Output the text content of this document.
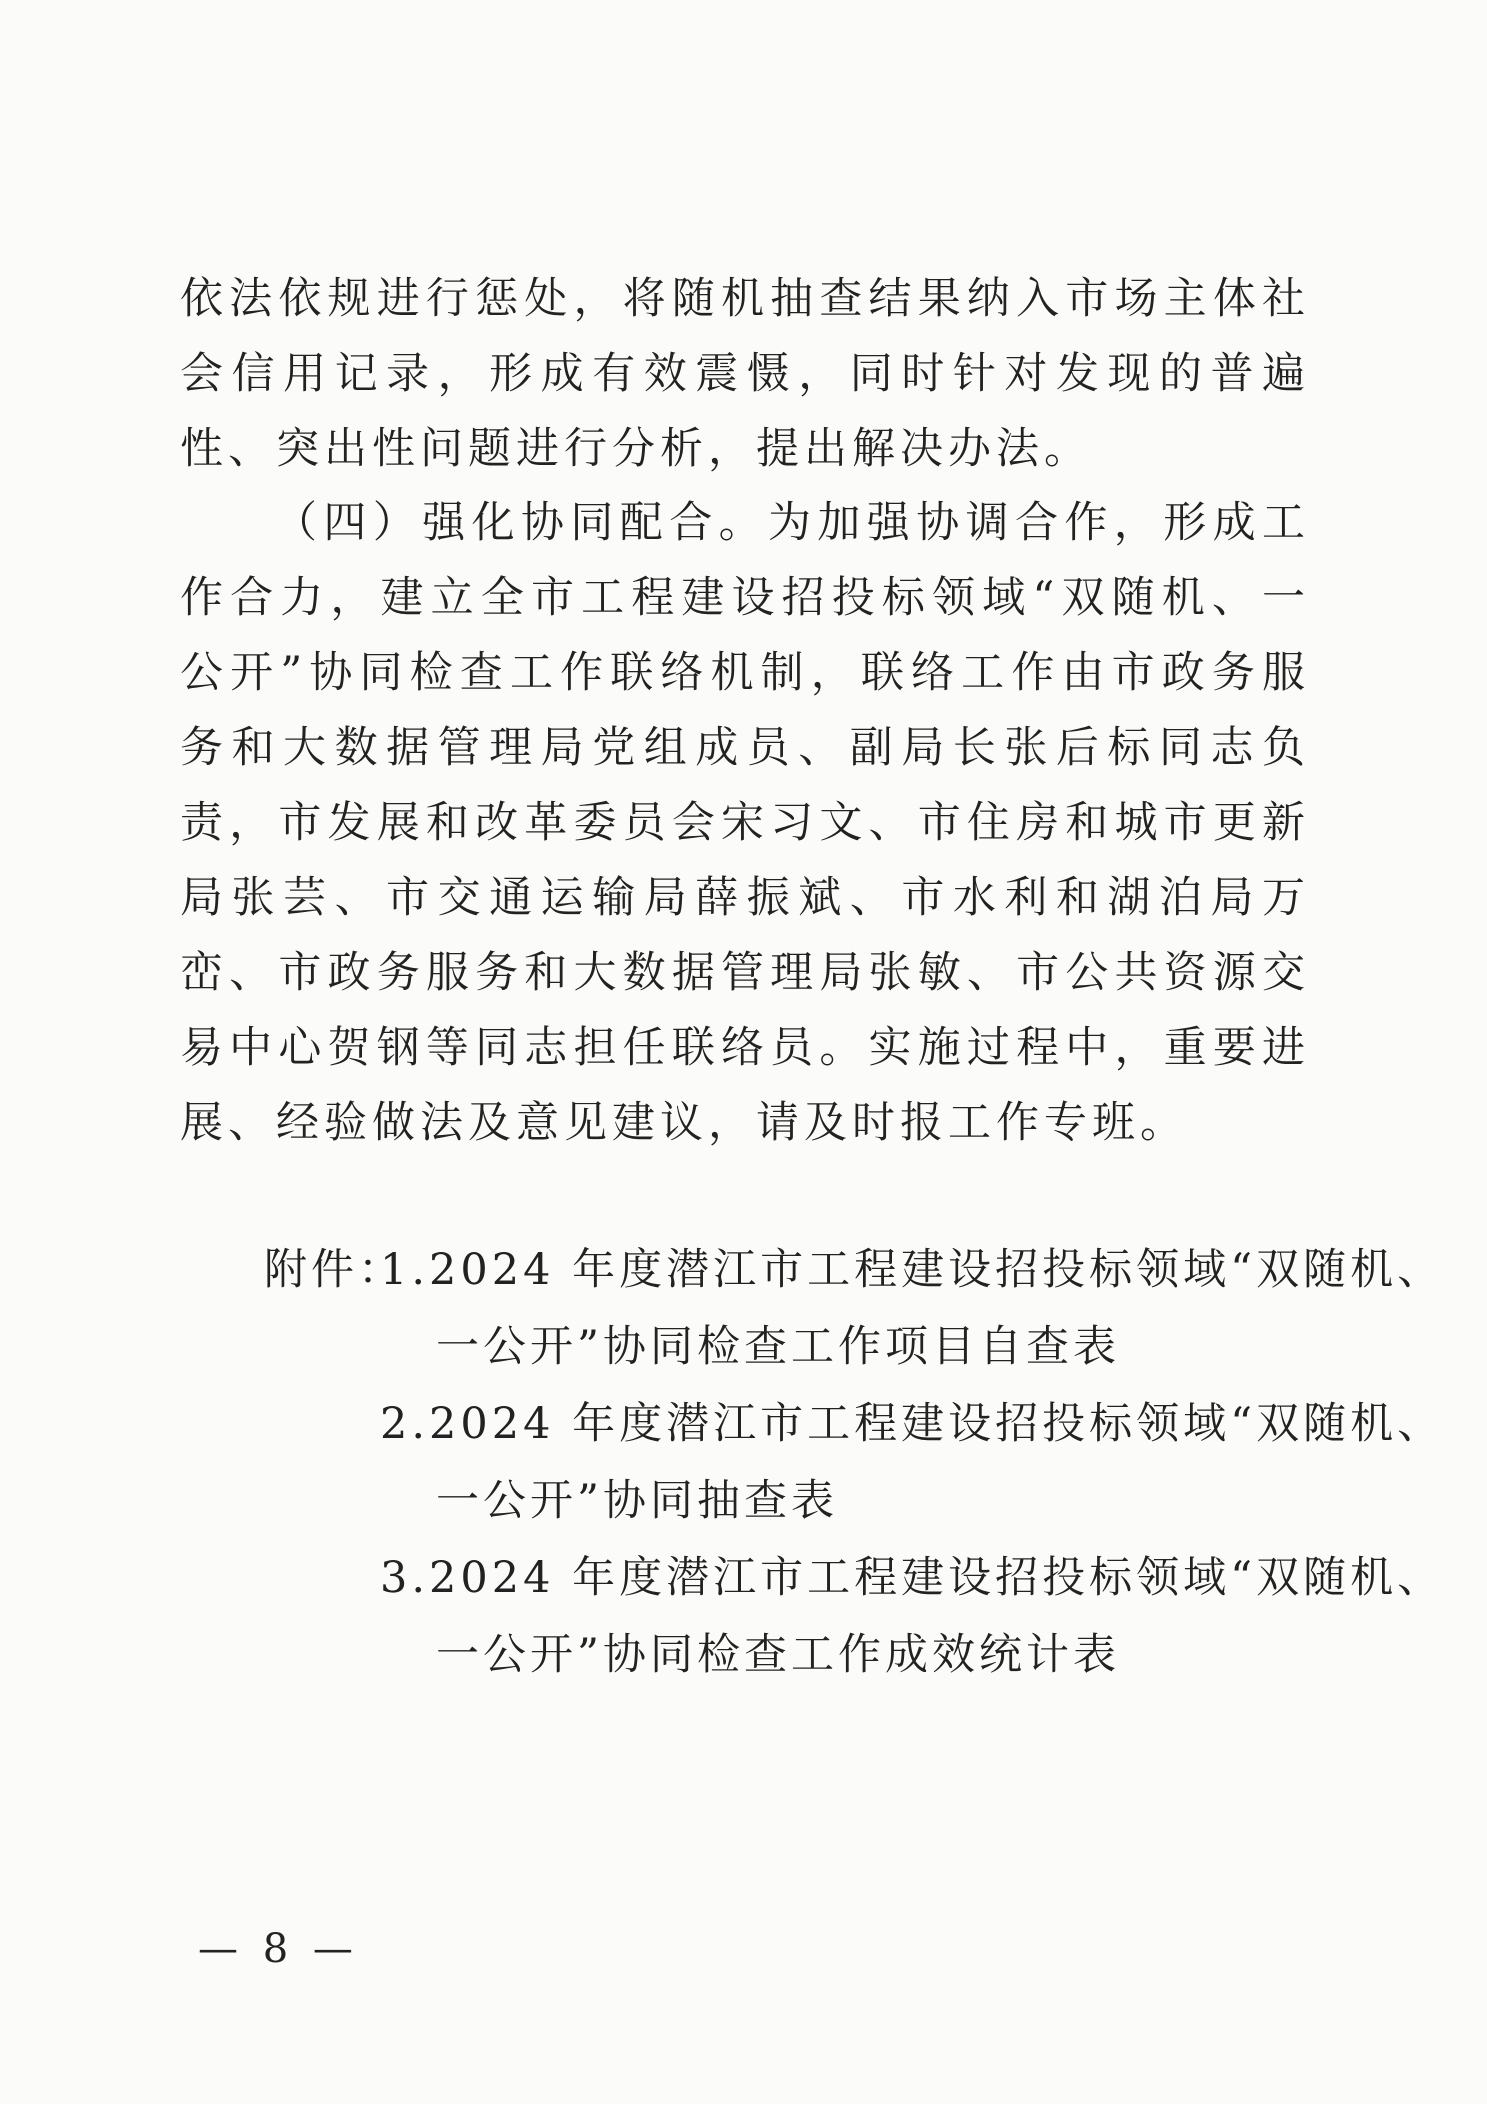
依法依规进行惩处，将随机抽查结果纳入市场主体社会信用记录，形成有效震慑，同时针对发现的普遍性、突出性问题进行分析，提出解决办法。

（四）强化协同配合。为加强协调合作，形成工作合力，建立全市工程建设招投标领域“双随机、一公开”协同检查工作联络机制，联络工作由市政务服务和大数据管理局党组成员、副局长张后标同志负责，市发展和改革委员会宋习文、市住房和城市更新局张芸、市交通运输局薛振斌、市水利和湖泊局万峦、市政务服务和大数据管理局张敏、市公共资源交易中心贺钢等同志担任联络员。实施过程中，重要进展、经验做法及意见建议，请及时报工作专班。

附件：
1.2024 年度潜江市工程建设招投标领域“双随机、
一公开”协同检查工作项目自查表
2.2024 年度潜江市工程建设招投标领域“双随机、
一公开”协同抽查表
3.2024 年度潜江市工程建设招投标领域“双随机、
一公开”协同检查工作成效统计表
— 8 —
